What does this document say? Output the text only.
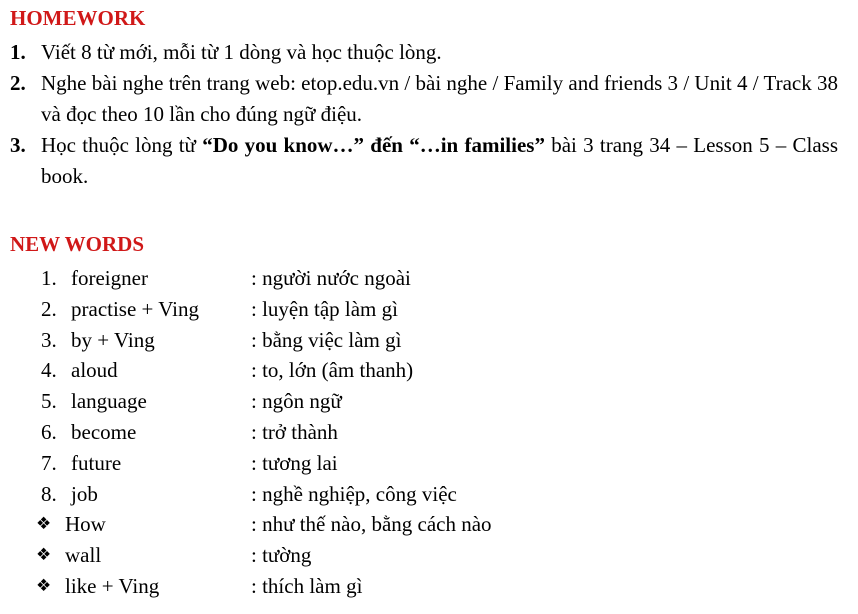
HOMEWORK
1. Viết 8 từ mới, mỗi từ 1 dòng và học thuộc lòng.
2. Nghe bài nghe trên trang web: etop.edu.vn / bài nghe / Family and friends 3 / Unit 4 / Track 38 và đọc theo 10 lần cho đúng ngữ điệu.
3. Học thuộc lòng từ “Do you know…” đến “…in families” bài 3 trang 34 – Lesson 5 – Class book.
NEW WORDS
1. foreigner	: người nước ngoài
2. practise + Ving : luyện tập làm gì
3. by + Ving	: bằng việc làm gì
4. aloud	: to, lớn (âm thanh)
5. language	: ngôn ngữ
6. become	: trở thành
7. future	: tương lai
8. job	: nghề nghiệp, công việc
❖ How	: như thế nào, bằng cách nào
❖ wall	: tường
❖ like + Ving	: thích làm gì
